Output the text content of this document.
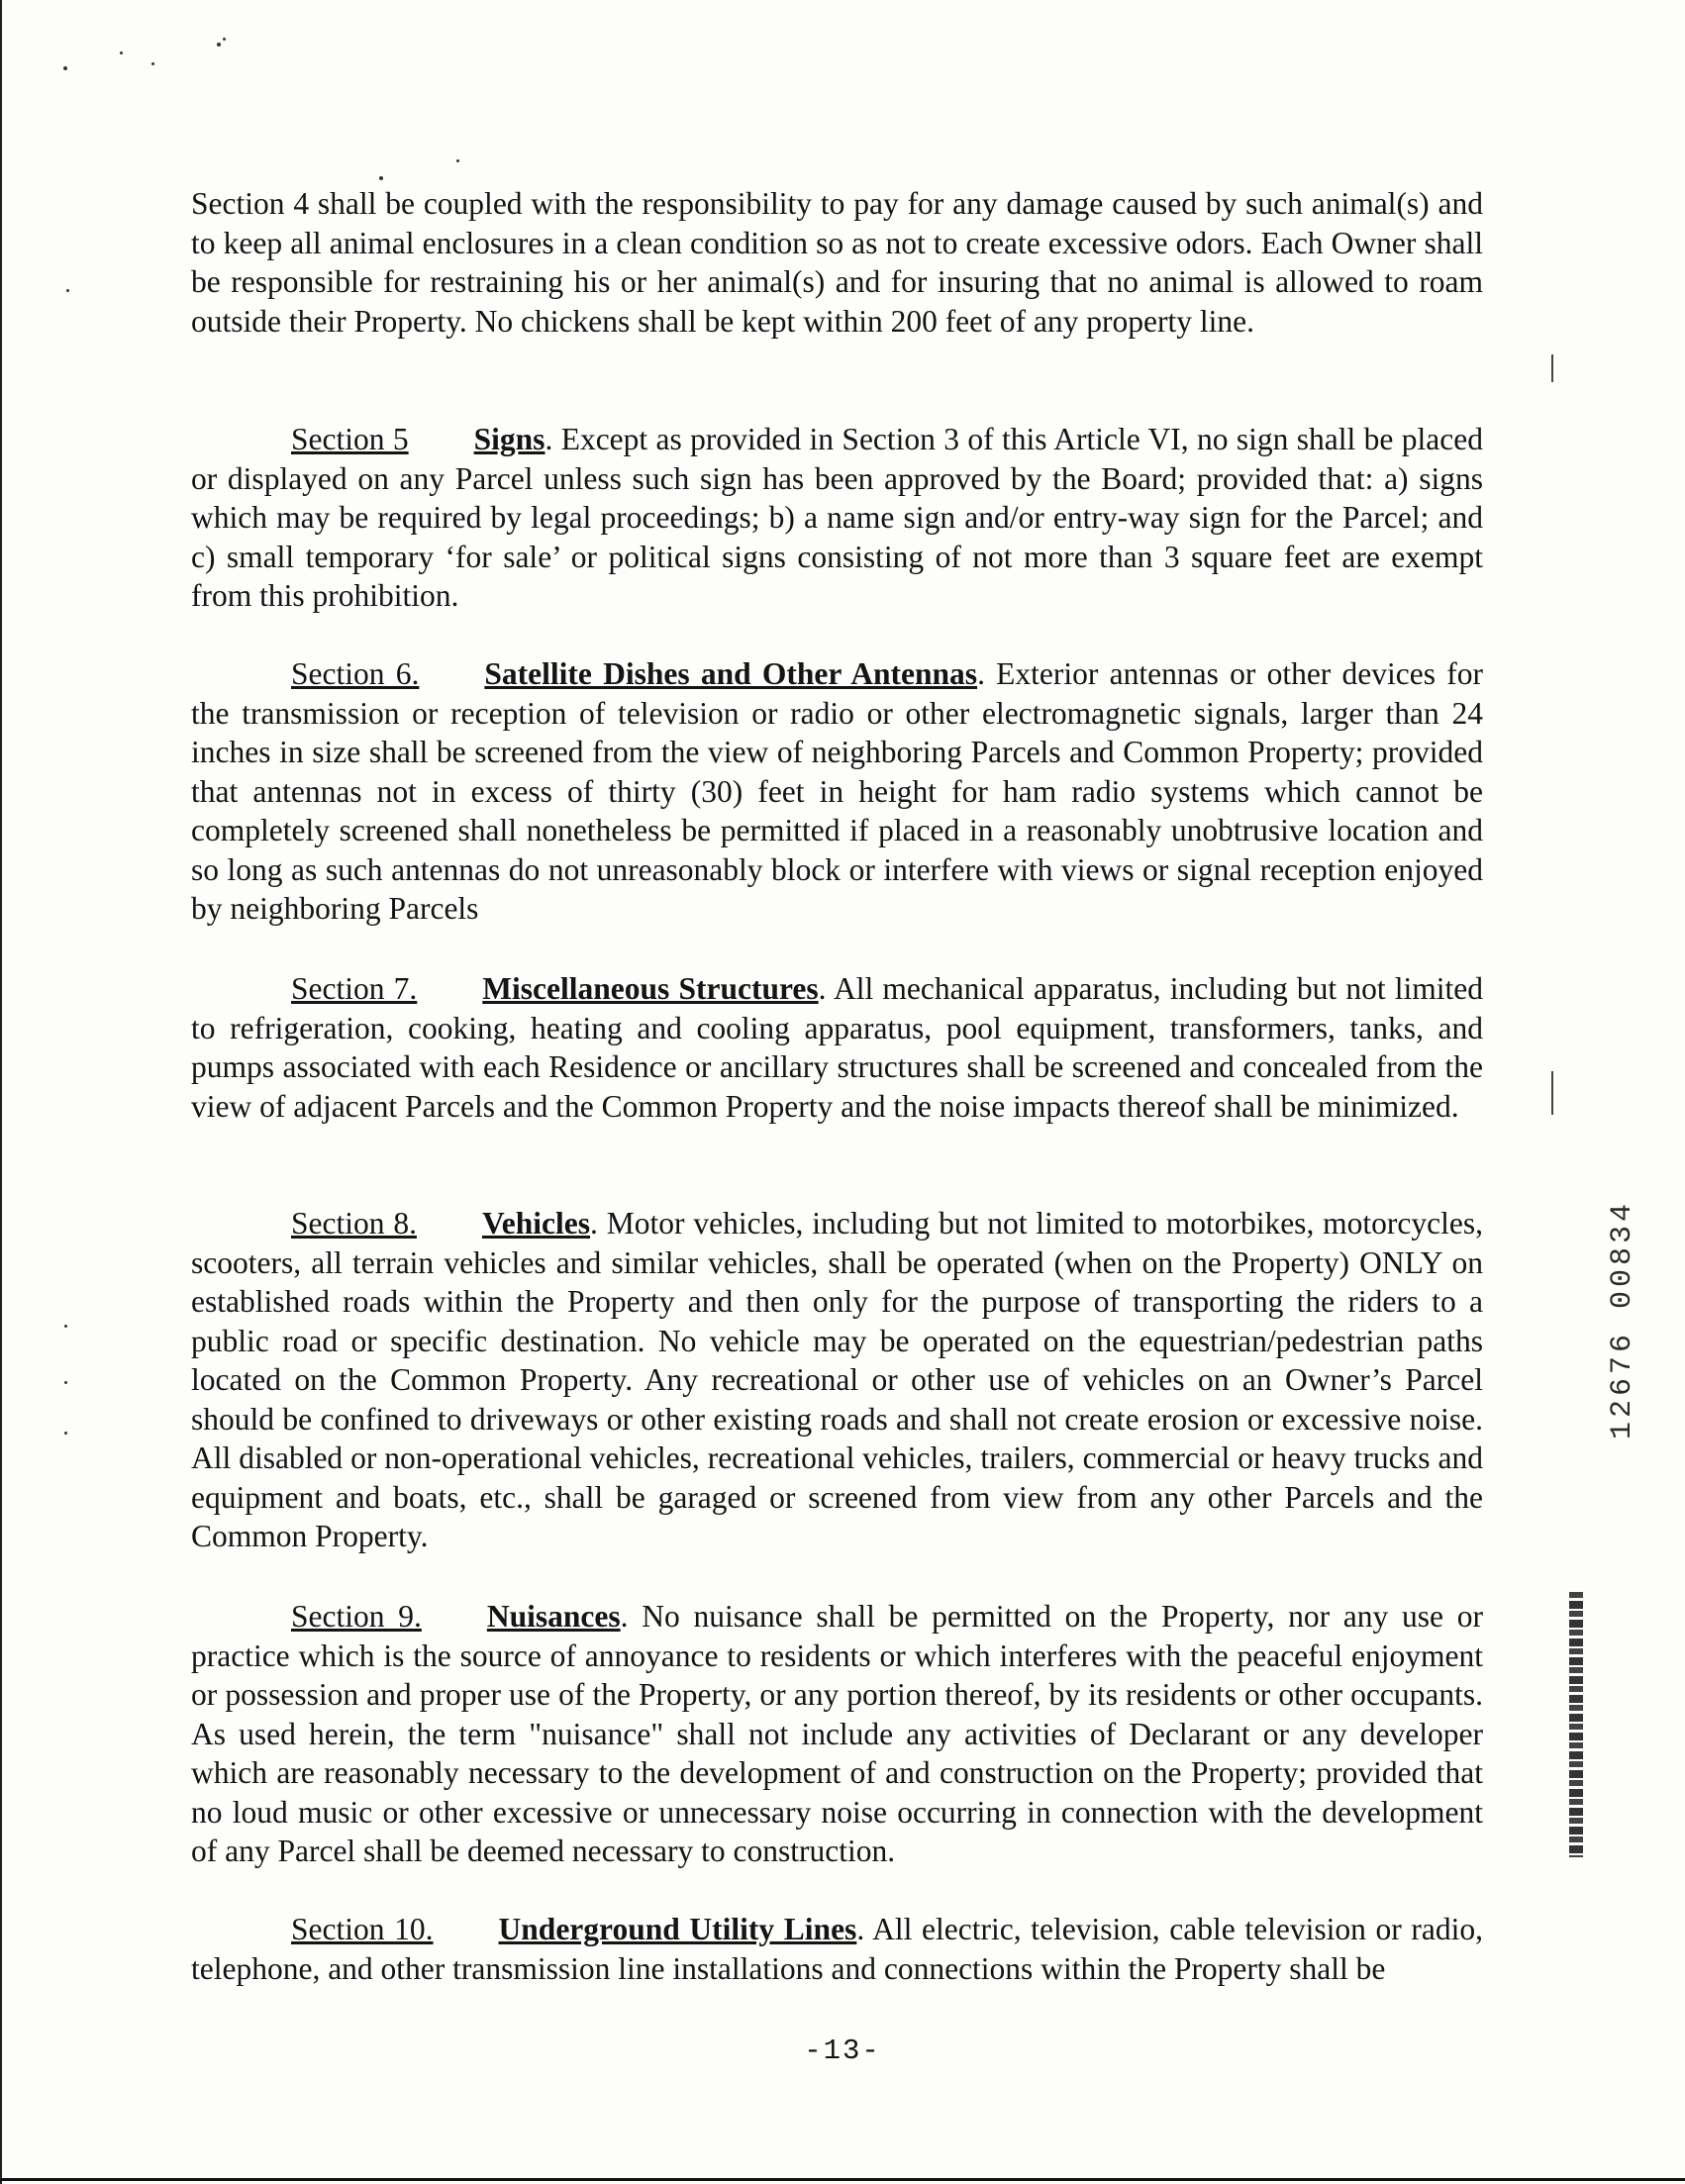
Section 4 shall be coupled with the responsibility to pay for any damage caused by such animal(s) and to keep all animal enclosures in a clean condition so as not to create excessive odors. Each Owner shall be responsible for restraining his or her animal(s) and for insuring that no animal is allowed to roam outside their Property. No chickens shall be kept within 200 feet of any property line.

Section 5 Signs. Except as provided in Section 3 of this Article VI, no sign shall be placed or displayed on any Parcel unless such sign has been approved by the Board; provided that: a) signs which may be required by legal proceedings; b) a name sign and/or entry-way sign for the Parcel; and c) small temporary ‘for sale’ or political signs consisting of not more than 3 square feet are exempt from this prohibition.

Section 6. Satellite Dishes and Other Antennas. Exterior antennas or other devices for the transmission or reception of television or radio or other electromagnetic signals, larger than 24 inches in size shall be screened from the view of neighboring Parcels and Common Property; provided that antennas not in excess of thirty (30) feet in height for ham radio systems which cannot be completely screened shall nonetheless be permitted if placed in a reasonably unobtrusive location and so long as such antennas do not unreasonably block or interfere with views or signal reception enjoyed by neighboring Parcels

Section 7. Miscellaneous Structures. All mechanical apparatus, including but not limited to refrigeration, cooking, heating and cooling apparatus, pool equipment, transformers, tanks, and pumps associated with each Residence or ancillary structures shall be screened and concealed from the view of adjacent Parcels and the Common Property and the noise impacts thereof shall be minimized.

Section 8. Vehicles. Motor vehicles, including but not limited to motorbikes, motorcycles, scooters, all terrain vehicles and similar vehicles, shall be operated (when on the Property) ONLY on established roads within the Property and then only for the purpose of transporting the riders to a public road or specific destination. No vehicle may be operated on the equestrian/pedestrian paths located on the Common Property. Any recreational or other use of vehicles on an Owner’s Parcel should be confined to driveways or other existing roads and shall not create erosion or excessive noise. All disabled or non-operational vehicles, recreational vehicles, trailers, commercial or heavy trucks and equipment and boats, etc., shall be garaged or screened from view from any other Parcels and the Common Property.

Section 9. Nuisances. No nuisance shall be permitted on the Property, nor any use or practice which is the source of annoyance to residents or which interferes with the peaceful enjoyment or possession and proper use of the Property, or any portion thereof, by its residents or other occupants. As used herein, the term "nuisance" shall not include any activities of Declarant or any developer which are reasonably necessary to the development of and construction on the Property; provided that no loud music or other excessive or unnecessary noise occurring in connection with the development of any Parcel shall be deemed necessary to construction.

Section 10. Underground Utility Lines. All electric, television, cable television or radio, telephone, and other transmission line installations and connections within the Property shall be

12676 00834
-13-
